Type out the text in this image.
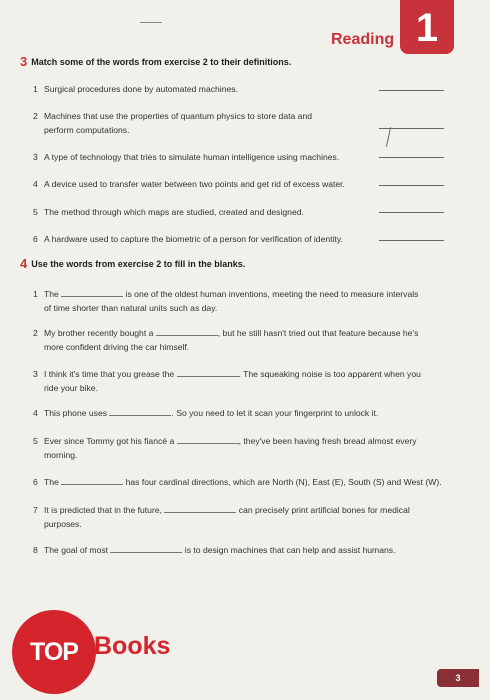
Reading 1
3 Match some of the words from exercise 2 to their definitions.
1 Surgical procedures done by automated machines.
2 Machines that use the properties of quantum physics to store data and
perform computations.
3 A type of technology that tries to simulate human intelligence using machines.
4 A device used to transfer water between two points and get rid of excess water.
5 The method through which maps are studied, created and designed.
6 A hardware used to capture the biometric of a person for verification of identity.
4 Use the words from exercise 2 to fill in the blanks.
1 The	is one of the oldest human inventions, meeting the need to measure intervals
of time shorter than natural units such as day.
2 My brother recently bought a	, but he still hasn't tried out that feature because he's
more confident driving the car himself.
3 I think it's time that you grease the	. The squeaking noise is too apparent when you
ride your bike.
4 This phone uses	. So you need to let it scan your fingerprint to unlock it.
5 Ever since Tommy got his fiancé a	, they've been having fresh bread almost every
morning.
6 The	has four cardinal directions, which are North (N), East (E), South (S) and West (W).
7 It is predicted that in the future,	can precisely print artificial bones for medical
purposes.
8 The goal of most	is to design machines that can help and assist humans.
TOP Books
3
